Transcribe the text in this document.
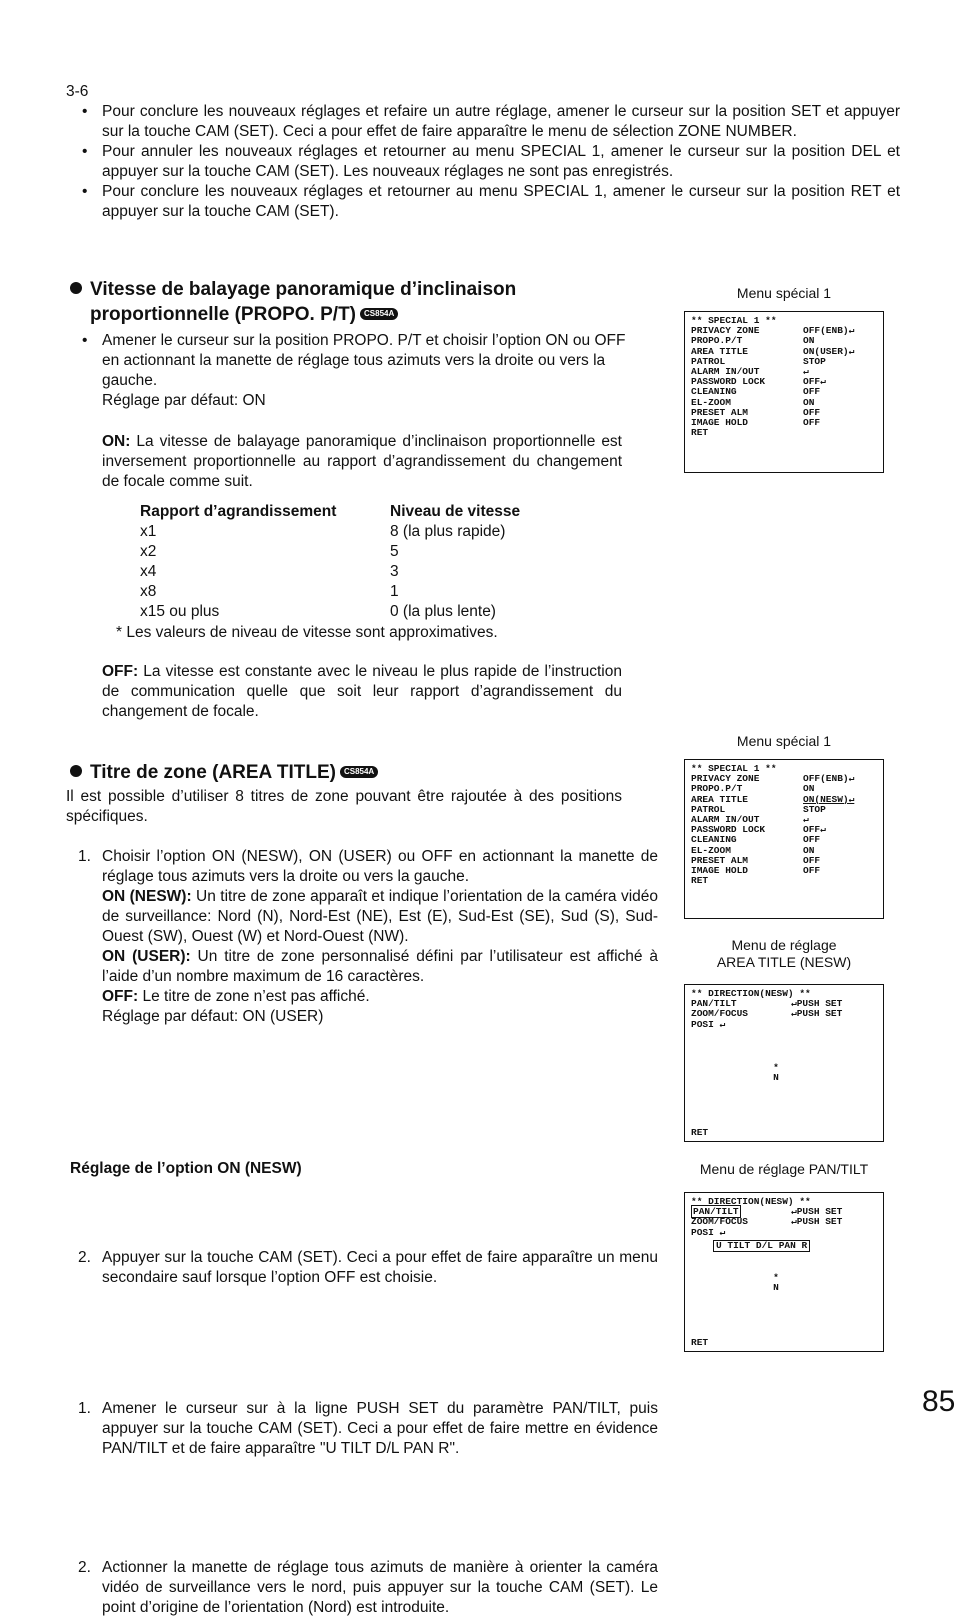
3-6
• Pour conclure les nouveaux réglages et refaire un autre réglage, amener le curseur sur la position SET et appuyer sur la touche CAM (SET). Ceci a pour effet de faire apparaître le menu de sélection ZONE NUMBER.
• Pour annuler les nouveaux réglages et retourner au menu SPECIAL 1, amener le curseur sur la position DEL et appuyer sur la touche CAM (SET). Les nouveaux réglages ne sont pas enregistrés.
• Pour conclure les nouveaux réglages et retourner au menu SPECIAL 1, amener le curseur sur la position RET et appuyer sur la touche CAM (SET).
Vitesse de balayage panoramique d’inclinaison
proportionnelle (PROPO. P/T) CS854A
• Amener le curseur sur la position PROPO. P/T et choisir l’option ON ou OFF en actionnant la manette de réglage tous azimuts vers la droite ou vers la gauche.
Réglage par défaut: ON
ON: La vitesse de balayage panoramique d’inclinaison proportionnelle est inversement proportionnelle au rapport d’agrandissement du changement de focale comme suit.
Rapport d’agrandissement	Niveau de vitesse
x1	8 (la plus rapide)
x2	5
x4	3
x8	1
x15 ou plus	0 (la plus lente)
* Les valeurs de niveau de vitesse sont approximatives.
OFF: La vitesse est constante avec le niveau le plus rapide de l’instruction de communication quelle que soit leur rapport d’agrandissement du changement de focale.
Titre de zone (AREA TITLE) CS854A
Il est possible d’utiliser 8 titres de zone pouvant être rajoutée à des positions spécifiques.
1. Choisir l’option ON (NESW), ON (USER) ou OFF en actionnant la manette de réglage tous azimuts vers la droite ou vers la gauche.
ON (NESW): Un titre de zone apparaît et indique l’orientation de la caméra vidéo de surveillance: Nord (N), Nord-Est (NE), Est (E), Sud-Est (SE), Sud (S), Sud-Ouest (SW), Ouest (W) et Nord-Ouest (NW).
ON (USER): Un titre de zone personnalisé défini par l’utilisateur est affiché à l’aide d’un nombre maximum de 16 caractères.
OFF: Le titre de zone n’est pas affiché.
Réglage par défaut: ON (USER)
2. Appuyer sur la touche CAM (SET). Ceci a pour effet de faire apparaître un menu secondaire sauf lorsque l’option OFF est choisie.
Réglage de l’option ON (NESW)
1. Amener le curseur sur à la ligne PUSH SET du paramètre PAN/TILT, puis appuyer sur la touche CAM (SET). Ceci a pour effet de faire mettre en évidence PAN/TILT et de faire apparaître "U TILT D/L PAN R".
2. Actionner la manette de réglage tous azimuts de manière à orienter la caméra vidéo de surveillance vers le nord, puis appuyer sur la touche CAM (SET). Le point d’origine de l’orientation (Nord) est introduite.
Menu spécial 1
** SPECIAL 1 **
PRIVACY ZONE	OFF(ENB)↵
PROPO.P/T	ON
AREA TITLE	ON(USER)↵
PATROL	STOP
ALARM IN/OUT	↵
PASSWORD LOCK	OFF↵
CLEANING	OFF
EL-ZOOM	ON
PRESET ALM	OFF
IMAGE HOLD	OFF
RET
Menu spécial 1
** SPECIAL 1 **
PRIVACY ZONE	OFF(ENB)↵
PROPO.P/T	ON
AREA TITLE	ON(NESW)↵
PATROL	STOP
ALARM IN/OUT	↵
PASSWORD LOCK	OFF↵
CLEANING	OFF
EL-ZOOM	ON
PRESET ALM	OFF
IMAGE HOLD	OFF
RET
Menu de réglage
AREA TITLE (NESW)
** DIRECTION(NESW) **
PAN/TILT	↵PUSH SET
ZOOM/FOCUS	↵PUSH SET
POSI ↵
*
N
RET
Menu de réglage PAN/TILT
** DIRECTION(NESW) **
PAN/TILT	↵PUSH SET
ZOOM/FOCUS	↵PUSH SET
POSI ↵
U TILT D/L PAN R
*
N
RET
85
